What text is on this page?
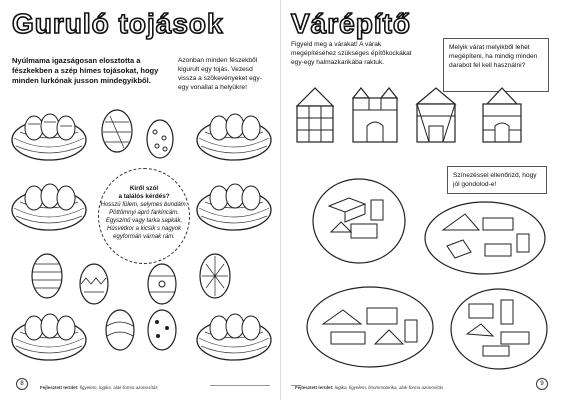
Guruló tojások
Nyúlmama igazságosan elosztotta a fészkekben a szép hímes tojásokat, hogy minden lurkónak jusson mindegyikből.
Azonban minden fészekből kigurult egy tojás. Vezesd vissza a szökevényeket egy-egy vonallal a helyükre!
Kiről szól
a találós kérdés?
Hosszú fülem, selymes bundám.
Pöttömnyi apró farkincám.
Egyszínű vagy tarka sapkák,
Húsvétkor a kicsik s nagyok
egyformán várnak rám.
8
Fejlesztett terület: figyelem, logika, alak-forma azonosítás
Várépítő
Figyeld meg a várakat! A várak megépítéséhez szükséges építőkockákat egy-egy halmazkarikába raktuk.
Melyik várat melyikből lehet megépíteni, ha mindig minden darabot fel kell használni?
Színezéssel ellenőrizd, hogy jól gondolod-e!
Fejlesztett terület: logika, figyelem, finommotorika, alak-forma azonosítás
9
